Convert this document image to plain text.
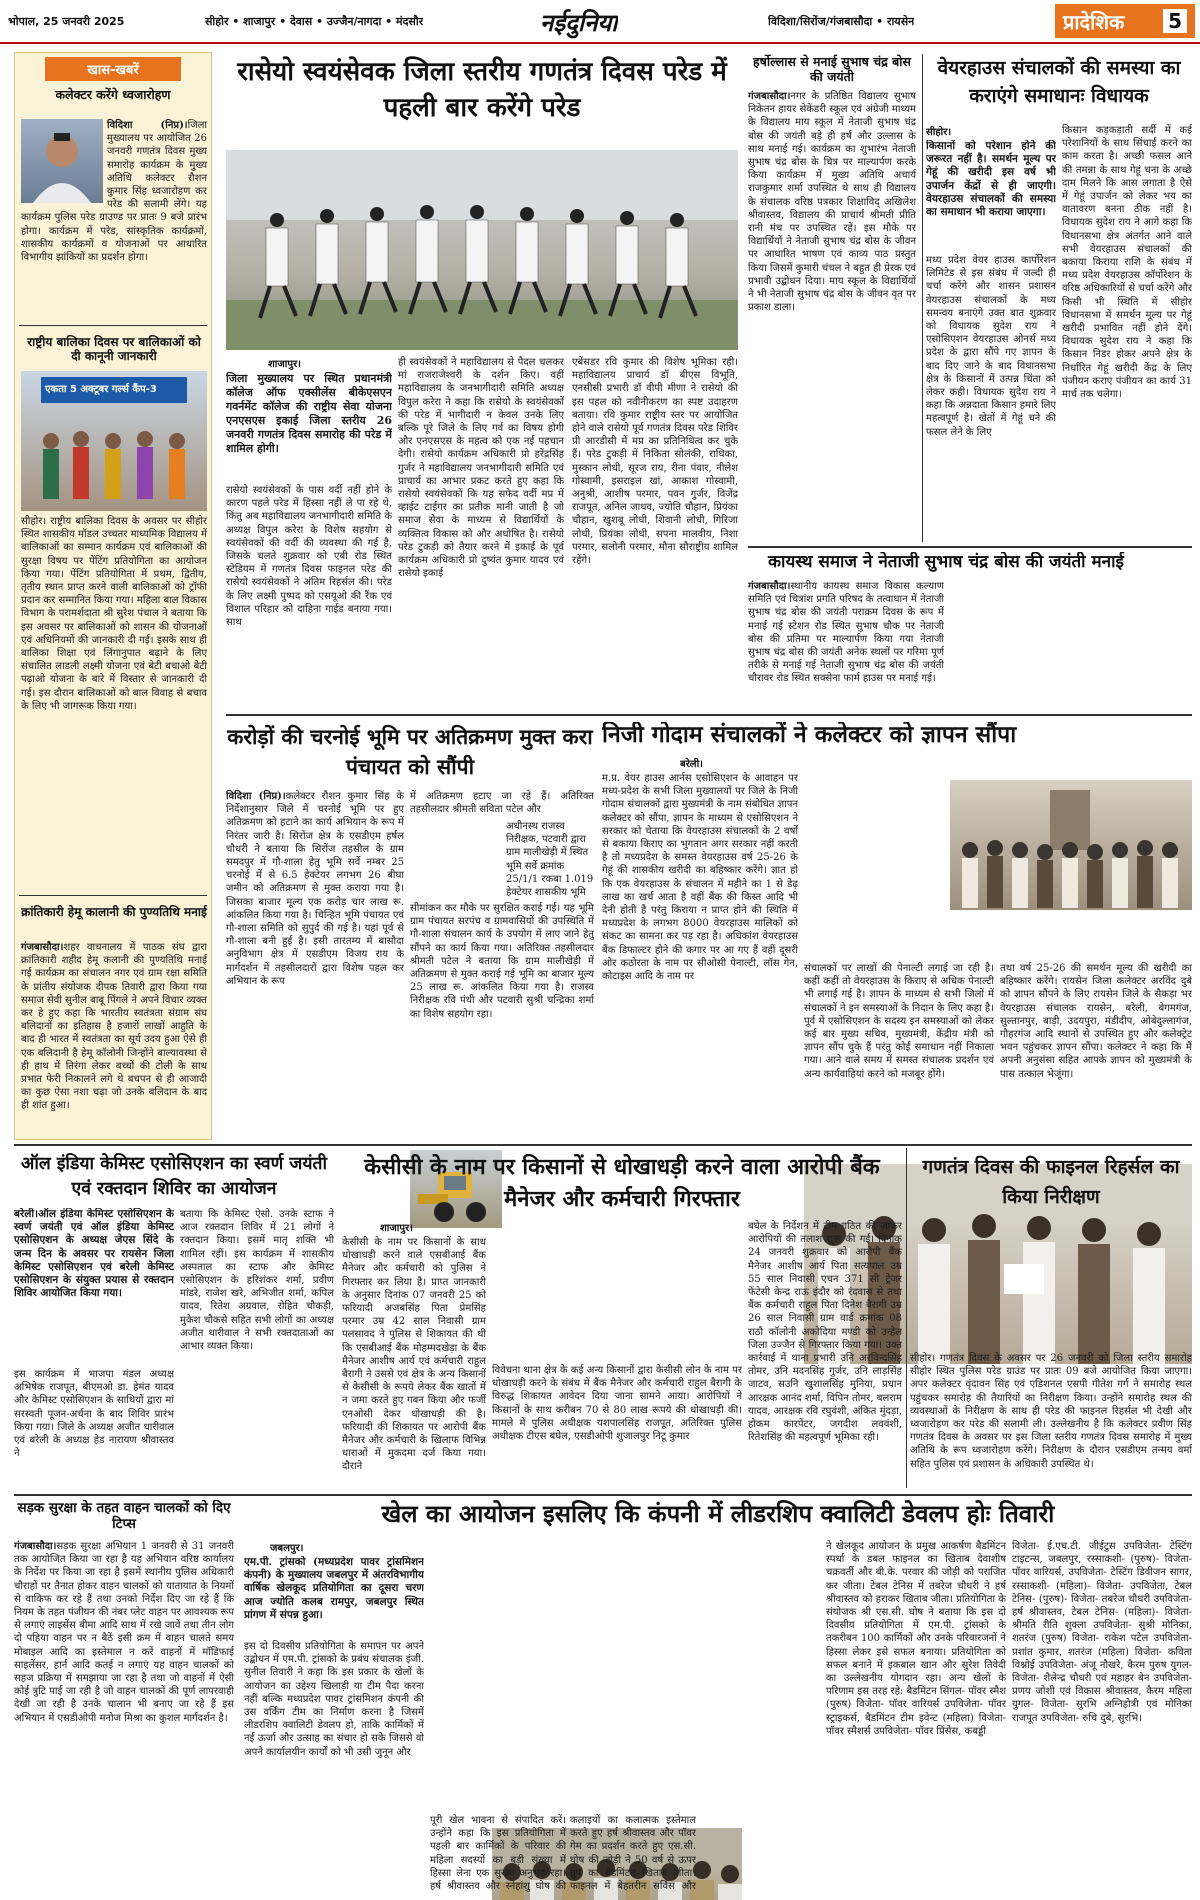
भोपाल, 25 जनवरी 2025	सीहोर • शाजापुर • देवास • उज्जैन/नागदा • मंदसौर	नईदुनिया	विदिशा/सिरोंज/गंजबासौदा • रायसेन	प्रादेशिक 5
खास-खबरें
कलेक्टर करेंगे ध्वजारोहण
विदिशा (निप्र)।जिला मुख्यालय पर आयोजित 26 जनवरी गणतंत्र दिवस मुख्य समारोह कार्यक्रम के मुख्य अतिथि कलेक्टर रौशन कुमार सिंह ध्वजारोहण कर परेड की सलामी लेंगे। यह कार्यक्रम पुलिस परेड ग्राउण्ड पर प्रातः 9 बजे प्रारंभ होगा। कार्यक्रम में परेड, सांस्कृतिक कार्यक्रमों, शासकीय कार्यक्रमों व योजनाओं पर आधारित विभागीय झांकियों का प्रदर्शन होगा।
राष्ट्रीय बालिका दिवस पर बालिकाओं को दी कानूनी जानकारी
एकता 5 अक्टूबर गर्ल्स कैंप-3
सीहोर। राष्ट्रीय बालिका दिवस के अवसर पर सीहोर स्थित शासकीय मॉडल उच्चतर माध्यमिक विद्यालय में बालिकाओं का सम्मान कार्यक्रम एवं बालिकाओं की सुरक्षा विषय पर पेंटिंग प्रतियोगिता का आयोजन किया गया। पेंटिंग प्रतियोगिता में प्रथम, द्वितीय, तृतीय स्थान प्राप्त करने वाली बालिकाओं को ट्रॉफी प्रदान कर सम्मानित किया गया। महिला बाल विकास विभाग के परामर्शदाता श्री सुरेश पंचाल ने बताया कि इस अवसर पर बालिकाओं को शासन की योजनाओं एवं अधिनियमों की जानकारी दी गई। इसके साथ ही बालिका शिक्षा एवं लिंगानुपात बढ़ाने के लिए संचालित लाडली लक्ष्मी योजना एवं बेटी बचाओ बेटी पढ़ाओ योजना के बारे में विस्तार से जानकारी दी गई। इस दौरान बालिकाओं को बाल विवाह से बचाव के लिए भी जागरूक किया गया।
क्रांतिकारी हेमू कालानी की पुण्यतिथि मनाई
गंजबासौदा।शहर वाचनालय में पाठक संघ द्वारा क्रांतिकारी शहीद हेमू कलानी की पुण्यतिथि मनाई गई कार्यक्रम का संचालन नगर एवं ग्राम रक्षा समिति के प्रांतीय संयोजक दीपक तिवारी द्वारा किया गया समाज सेवी सुनील बाबू पिंगले ने अपने विचार व्यक्त कर हे हुए कहा कि भारतीय स्वतंत्रता संग्राम संघ बलिदानों का इतिहास है हजारों लाखों आहुति के बाद ही भारत में स्वतंत्रता का सूर्य उदय हुआ ऐसे ही एक बलिदानी है हेमू कॉलोनी जिन्होंने बाल्यावस्था से ही हाथ में तिरंगा लेकर बच्चों की टोली के साथ प्रभात फेरी निकालने लगे थे बचपन से ही आजादी का कुछ ऐसा नशा चढ़ा जो उनके बलिदान के बाद ही शांत हुआ।
रासेयो स्वयंसेवक जिला स्तरीय गणतंत्र दिवस परेड में पहली बार करेंगे परेड
शाजापुर।
जिला मुख्यालय पर स्थित प्रधानमंत्री कॉलेज ऑफ एक्सीलेंस बीकेएसएन गवर्नमेंट कॉलेज की राष्ट्रीय सेवा योजना एनएसएस इकाई जिला स्तरीय 26 जनवरी गणतंत्र दिवस समारोह की परेड में शामिल होगी।
रासेयो स्वयंसेवकों के पास वर्दी नहीं होने के कारण पहले परेड में हिस्सा नहीं ले पा रहे थे, किंतु अब महाविद्यालय जनभागीदारी समिति के अध्यक्ष विपुल करेरा के विशेष सहयोग से स्वयंसेवकों की वर्दी की व्यवस्था की गई है, जिसके चलते शुक्रवार को एबी रोड स्थित स्टेडियम में गणतंत्र दिवस फाइनल परेड की रासेयो स्वयंसेवकों ने अंतिम रिहर्सल की। परेड के लिए लक्ष्मी पुष्पद को एसयूओ की रैंक एवं विशाल परिहार को दाहिना गाईड बनाया गया। साथ
ही स्वयंसेवकों ने महाविद्यालय से पैदल चलकर मां राजराजेश्वरी के दर्शन किए। वहीं महाविद्यालय के जनभागीदारी समिति अध्यक्ष विपुल करेरा ने कहा कि रासेयो के स्वयंसेवकों की परेड में भागीदारी न केवल उनके लिए बल्कि पूरे जिले के लिए गर्व का विषय होगी और एनएसएस के महत्व को एक नई पहचान देगी। रासेयो कार्यक्रम अधिकारी प्रो हरेंद्रसिंह गुर्जर ने महाविद्यालय जनभागीदारी समिति एवं प्राचार्य का आभार प्रकट करते हुए कहा कि रासेयो स्वयंसेवकों कि यह सफेद वर्दी मप्र में व्हाईट टाईगर का प्रतीक मानी जाती है जो समाज सेवा के माध्यम से विद्यार्थियों के व्यक्तित्व विकास को और अधोषित है। रासेयो परेड टुकड़ी को तैयार करने में इकाई के पूर्व कार्यक्रम अधिकारी प्रो दुष्यंत कुमार यादव एवं रासेयो इकाई
एबेंसडर रवि कुमार की विशेष भूमिका रही। महाविद्यालय प्राचार्य डॉ बीएस विभूति, एनसीसी प्रभारी डॉ वीपी मीणा ने रासेयो की इस पहल को नवीनीकरण का स्पष्ट उदाहरण बताया। रवि कुमार राष्ट्रीय स्तर पर आयोजित होने वाले रासेयो पूर्व गणतंत्र दिवस परेड शिविर प्री आरडीसी में मप्र का प्रतिनिधित्व कर चुके हैं। परेड टुकड़ी में निकिता सोलंकी, राधिका, मुस्कान लोधी, सूरज राय, रीना पंवार, नीलेश गोस्वामी, इसराइल खां, आकाश गोस्वामी, अनुश्री, आशीष परमार, पवन गुर्जर, विजेंद्र राजपूत, अनिल जाधव, ज्योति चौहान, प्रियंका चौहान, खुशबू लोधी, शिवानी लोधी, गिरिजा लोधी, प्रियंका लोधी, सपना मालवीय, निशा परमार, सलोनी परमार, मौना सौराष्ट्रीय शामिल रहेंगे।
हर्षोल्लास से मनाई सुभाष चंद्र बोस की जयंती
गंजबासौदा।नगर के प्रतिष्ठित विद्यालय सुभाष निकेतन हायर सेकेंडरी स्कूल एवं अंग्रेजी माध्यम के विद्यालय माय स्कूल में नेताजी सुभाष चंद्र बोस की जयंती बड़े ही हर्ष और उल्लास के साथ मनाई गई। कार्यक्रम का शुभारंभ नेताजी सुभाष चंद्र बोस के चित्र पर माल्यार्पण करके किया कार्यक्रम में मुख्य अतिथि अचार्य राजकुमार शर्मा उपस्थित थे साथ ही विद्यालय के संचालक वरिष्ठ पत्रकार शिक्षाविद् अखिलेश श्रीवास्तव, विद्यालय की प्राचार्य श्रीमती प्रीति रानी मंच पर उपस्थित रहें। इस मौके पर विद्यार्थियों ने नेताजी सुभाष चंद्र बोस के जीवन पर आधारित भाषण एवं काव्य पाठ प्रस्तुत किया जिसमें कुमारी चंचल ने बहुत ही प्रेरक एवं प्रभावी उद्बोधन दिया। माय स्कूल के विद्यार्थियों ने भी नेताजी सुभाष चंद्र बोस के जीवन वृत पर प्रकाश डाला।
वेयरहाउस संचालकों की समस्या का कराएंगे समाधानः विधायक
सीहोर।
किसानों को परेशान होने की जरूरत नहीं है। समर्थन मूल्य पर गेहूं की खरीदी इस वर्ष भी उपार्जन केंद्रों से ही जाएगी। वेयरहाउस संचालकों की समस्या का समाधान भी कराया जाएगा।
मध्य प्रदेश वेयर हाउस कार्पोरेशन लिमिटेड से इस संबंध में जल्दी ही चर्चा करेंगे और शासन प्रशासन वेयरहाउस संचालकों के मध्य समन्वय बनाएंगे उक्त बात शुक्रवार को विधायक सुदेश राय ने एसोसिएशन वेयरहाउस ओनर्स मध्य प्रदेश के द्वारा सौंपे गए ज्ञापन के बाद दिए जाने के बाद विधानसभा क्षेत्र के किसानों में उत्पन्न चिंता को लेकर कही। विधायक सुदेश राय ने कहा कि अन्नदाता किसान हमारे लिए महत्वपूर्ण है। खेतों में गेहूं चने की फसल लेने के लिए
किसान कड़कड़ाती सर्दी में कई परेशानियों के साथ सिंचाई करने का काम करता है। अच्छी फसल आने की तमन्ना के साथ गेहूं चना के अच्छे दाम मिलने कि आस लगाता है ऐसे में गेहूं उपार्जन को लेकर भय का वातावरण बनना ठीक नहीं है। विधायक सुदेश राय ने आगे कहा कि विधानसभा क्षेत्र अंतर्गत आने वाले सभी वेयरहाउस संचालकों की बकाया किराया राशि के संबंध में मध्य प्रदेश वेयरहाउस कॉर्पोरेशन के वरिष्ठ अधिकारियों से चर्चा करेंगे और किसी भी स्थिति में सीहोर विधानसभा में समर्थन मूल्य पर गेहूं खरीदी प्रभावित नहीं होने देंगे। विधायक सुदेश राय ने कहा कि किसान निडर होकर अपने क्षेत्र के निर्धारित गेहूं खरीदी केंद्र के लिए पंजीयन कराए पंजीयन का कार्य 31 मार्च तक चलेगा।
कायस्थ समाज ने नेताजी सुभाष चंद्र बोस की जयंती मनाई
गंजबासौदा।स्थानीय कायस्थ समाज विकास कल्याण समिति एवं चित्रांश प्रगति परिषद के तत्वाधान में नेताजी सुभाष चंद्र बोस की जयंती पराक्रम दिवस के रूप में मनाई गई स्टेशन रोड स्थित सुभाष चौक पर नेताजी बोस की प्रतिमा पर माल्यार्पण किया गया नेताजी सुभाष चंद्र बोस की जयंती अनेक स्थलों पर गरिमा पूर्ण तरीके से मनाई गई नेताजी सुभाष चंद्र बोस की जयंती चौरावर रोड स्थित सक्सेना फार्म हाउस पर मनाई गई।
करोड़ों की चरनोई भूमि पर अतिक्रमण मुक्त करा पंचायत को सौंपी
विदिशा (निप्र)।कलेक्टर रौशन कुमार सिंह के निर्देशानुसार जिले में चरनोई भूमि पर हुए अतिक्रमण को हटाने का कार्य अभियान के रूप में निरंतर जारी है। सिरोंज क्षेत्र के एसडीएम हर्षल चौधरी ने बताया कि सिरोंज तहसील के ग्राम समदपुर में गौ-शाला हेतु भूमि सर्वे नम्बर 25 चरनोई में से 6.5 हेक्टेयर लगभग 26 बीघा जमीन को अतिक्रमण से मुक्त कराया गया है। जिसका बाजार मूल्य एक करोड़ चार लाख रू. आंकलित किया गया है। चिन्हित भूमि पंचायत एवं गौ-शाला समिति को सुपुर्द की गई है। यहां पूर्व से गौ-शाला बनी हुई है। इसी तारतम्य में बासौदा अनुविभाग क्षेत्र में एसडीएम विजय राय के मार्गदर्शन में तहसीलदारों द्वारा विशेष पहल कर अभियान के रूप
में अतिक्रमण हटाए जा रहे हैं। अतिरिक्त तहसीलदार श्रीमती सविता पटेल और
अधीनस्थ राजस्व निरीक्षक, पटवारी द्वारा ग्राम मालीखेड़ी में स्थित भूमि सर्वे क्रमांक 25/1/1 रकबा 1.019 हेक्टेयर शासकीय भूमि
सीमांकन कर मौके पर सुरक्षित कराई गई। यह भूमि ग्राम पंचायत सरपंच व ग्रामवासियों की उपस्थिति में गौ-शाला संचालन कार्य के उपयोग में लाए जाने हेतु सौंपने का कार्य किया गया। अतिरिक्त तहसीलदार श्रीमती पटेल ने बताया कि ग्राम मालीखेड़ी में अतिक्रमण से मुक्त कराई गई भूमि का बाजार मूल्य 25 लाख रू. आंकलित किया गया है। राजस्व निरीक्षक रवि पंथी और पटवारी सुश्री चन्द्रिका शर्मा का विशेष सहयोग रहा।
निजी गोदाम संचालकों ने कलेक्टर को ज्ञापन सौंपा
बरेली।
म.प्र. वेयर हाउस आर्नस एसोसिएशन के आवाहन पर मध्य-प्रदेश के सभी जिला मुख्यालयों पर जिले के निजी गोदाम संचालकों द्वारा मुख्यमंत्री के नाम संबोधित ज्ञापन कलेक्टर को सौंपा, ज्ञापन के माध्यम से एसोसिएशन ने सरकार को चेताया कि वेयरहाउस संचालकों के 2 वर्षों से बकाया किराए का भुगतान अगर सरकार नहीं करती है तो मध्यप्रदेश के समस्त वेयरहाउस वर्ष 25-26 के गेहूं की शासकीय खरीदी का बहिष्कार करेंगे। ज्ञात हो कि एक वेयरहाउस के संचालन में महीने का 1 से डेढ़ लाख का खर्च आता है वहीं बैंक की किस्त आदि भी देनी होती है परंतु किराया न प्राप्त होने की स्थिति में मध्यप्रदेश के लगभग 8000 वेयरहाउस मालिकों को संकट का सामना कर पड़ रहा है। अधिकांश वेयरहाउस बैंक डिफाल्टर होने की कगार पर आ गए हैं वहीं दूसरी ओर कठोरता के नाम पर सीओसी पेनाल्टी, लॉस गेन, कोटाइस आदि के नाम पर
संचालकों पर लाखों की पेनाल्टी लगाई जा रही है। कहीं कहीं तो वेयरहाउस के किराए से अधिक पेनाल्टी भी लगाई गई है। ज्ञापन के माध्यम से सभी जिलों में संचालकों ने इन समस्याओं के निदान के लिए कहा है। पूर्व में एसोसिएशन के सदस्य इन समस्याओं को लेकर कई बार मुख्य सचिव, मुख्यमंत्री, केंद्रीय मंत्री को ज्ञापन सौंप चुके हैं परंतु कोई समाधान नहीं निकाला गया। आने वाले समय में समस्त संचालक प्रदर्शन एवं अन्य कार्यवाहियां करने को मजबूर होंगे।
तथा वर्ष 25-26 की समर्थन मूल्य की खरीदी का बहिष्कार करेंगे। रायसेन जिला कलेक्टर अरविंद दुबे को ज्ञापन सौंपने के लिए रायसेन जिले के सैकड़ा भर वेयरहाउस संचालक रायसेन, बरेली, बेगमगंज, सुल्तानपुर, बाड़ी, उदयपुरा, मंडीदीप, ओबेदुल्लागंज, गौहरगंज आदि स्थानों से उपस्थित हुए और कलेक्ट्रेट भवन पहुंचकर ज्ञापन सौंपा। कलेक्टर ने कहा कि मैं अपनी अनुसंसा सहित आपके ज्ञापन को मुख्यमंत्री के पास तत्काल भेजूंगा।
ऑल इंडिया केमिस्ट एसोसिएशन का स्वर्ण जयंती एवं रक्तदान शिविर का आयोजन
बरेली।ऑल इंडिया केमिस्ट एसोसिएशन के स्वर्ण जयंती एवं ऑल इंडिया केमिस्ट एसोसिएशन के अध्यक्ष जेएस सिंदे के जन्म दिन के अवसर पर रायसेन जिला केमिस्ट एसोसिएशन एवं बरेली केमिस्ट एसोसिएशन के संयुक्त प्रयास से रक्तदान शिविर आयोजित किया गया।
इस कार्यक्रम में भाजपा मंडल अध्यक्ष अभिषेक राजपूत, बीएमओ डा. हेमंत यादव और केमिस्ट एसोसिएशन के साथियों द्वारा मां सरस्वती पूजन-अर्चना के बाद शिविर प्रारंभ किया गया। जिले के अध्यक्ष अजीत धारीवाल एवं बरेली के अध्यक्ष हेड नारायण श्रीवास्तव ने
बताया कि केमिस्ट ऐसो. उनके स्टाफ ने आज रक्तदान शिविर में 21 लोगों ने रक्तदान किया। इसमें मातृ शक्ति भी शामिल रहीं। इस कार्यक्रम में शासकीय अस्पताल का स्टाफ और केमिस्ट एसोसिएशन के हरिशंकर शर्मा, प्रवीण मांडरे, राजेश खरे, अभिजीत शर्मा, कपिल यादव, रितेश अग्रवाल, रोहित चौकड़ी, मुकेश चौकसे सहित सभी लोगों का अध्यक्ष अजीत धारीवाल ने सभी रक्तदाताओं का आभार व्यक्त किया।
केसीसी के नाम पर किसानों से धोखाधड़ी करने वाला आरोपी बैंक मैनेजर और कर्मचारी गिरफ्तार
शाजापुर।
केसीसी के नाम पर किसानों के साथ धोखाधड़ी करने वाले एसबीआई बैंक मैनेजर और कर्मचारी को पुलिस ने गिरफ्तार कर लिया है। प्राप्त जानकारी के अनुसार दिनांक 07 जनवरी 25 को फरियादी अजबसिंह पिता प्रेमसिंह परमार उम्र 42 साल निवासी ग्राम पलसावद ने पुलिस से शिकायत की थी कि एसबीआई बैंक मोहम्मदखेड़ा के बैंक मैनेजर आशीष आर्य एवं कर्मचारी राहुल बैरागी ने उससे एवं क्षेत्र के अन्य किसानों से केसीसी के रूपये लेकर बैंक खातों में न जमा करते हुए गबन किया और फर्जी एनओसी देकर धोखाधड़ी की है। फरियादी की शिकायत पर आरोपी बैंक मैनेजर और कर्मचारी के खिलाफ विभिन्न धाराओं में मुकदमा दर्ज किया गया। दौराने
विवेचना थाना क्षेत्र के कई अन्य किसानों द्वारा केसीसी लोन के नाम पर धोखाधड़ी करने के संबंध में बैंक मैनेजर और कर्मचारी राहुल बैरागी के विरुद्ध शिकायत आवेदन दिया जाना सामने आया। आरोपियों ने किसानों के साथ करीबन 70 से 80 लाख रूपये की धोखाधड़ी की। मामले में पुलिस अधीक्षक यशपालसिंह राजपूत, अतिरिक्त पुलिस अधीक्षक टीएस बघेल, एसडीओपी शुजालपुर निटू कुमार
बघेल के निर्देशन में टीम गठित की जाकर आरोपियों की तलाश शुरू की गई। दिनांक 24 जनवरी शुक्रवार को आरोपी बैंक मैनेजर आशीष आर्य पिता सत्यपाल उम्र 55 साल निवासी एचन 371 सी ट्रेजर फेंटेसी केन्द्र राऊ इंदौर को रंदवास से तथा बैंक कर्मचारी राहुल पिता दिनेश बैरागी उम्र 26 साल निवासी ग्राम वार्ड क्रमांक 08 राठौ कॉलोनी अकोदिया मण्डी को उन्हेल जिला उज्जैन से गिरफ्तार किया गया। उक्त कार्रवाई में थाना प्रभारी उनि अरविन्दसिंह तोमर, उनि मदनसिंह गुर्जर, उनि लाड़सिंह जाटव, सउनि खुशालसिंह मुनिया, प्रधान आरक्षक आनंद शर्मा, विपिन तोमर, बलराम यादव, आरक्षक रवि रघुवंशी, अंकित मुंदड़ा, होकम कारपेंटर, जगदीश लववंशी, रितेशसिंह की महत्वपूर्ण भूमिका रही।
गणतंत्र दिवस की फाइनल रिहर्सल का किया निरीक्षण
सीहोर। गणतंत्र दिवस के अवसर पर 26 जनवरी को जिला स्तरीय समारोह सीहोर स्थित पुलिस परेड ग्राउंड पर प्रातः 09 बजे आयोजित किया जाएगा। अपर कलेक्टर वृंदावन सिंह एवं एडिशनल एसपी गीतेश गर्ग ने समारोह स्थल पहुंचकर समारोह की तैयारियों का निरीक्षण किया। उन्होंने समारोह स्थल की व्यवस्थाओं के निरीक्षण के साथ ही परेड की फाइनल रिहर्सल भी देखी और ध्वजारोहण कर परेड की सलामी ली। उल्लेखनीय है कि कलेक्टर प्रवीण सिंह गणतंत्र दिवस के अवसर पर इस जिला स्तरीय गणतंत्र दिवस समारोह में मुख्य अतिथि के रूप ध्वजारोहण करेंगे। निरीक्षण के दौरान एसडीएम तन्मय वर्मा सहित पुलिस एवं प्रशासन के अधिकारी उपस्थित थे।
सड़क सुरक्षा के तहत वाहन चालकों को दिए टिप्स
गंजबासौदा।सड़क सुरक्षा अभियान 1 जनवरी से 31 जनवरी तक आयोजित किया जा रहा है यह अभियान वरिष्ठ कार्यालय के निर्देश पर किया जा रहा है इसमें स्थानीय पुलिस अधिकारी चौराहों पर तैनात होकर वाहन चालकों को यातायात के नियमों से वाकिफ कर रहे हैं तथा उनको निर्देश दिए जा रहे हैं कि नियम के तहत पंजीयन की नंबर प्लेट वाहन पर आवश्यक रूप से लगाएं लाइसेंस बीमा आदि साथ में रखे जावें तथा तीन लोग दो पहिया वाहन पर न बैठें इसी क्रम में वाहन चालते समय मोबाइल आदि का इस्तेमाल न करें वाहनों में मॉडिफाई साइलेंसर, हार्न आदि कतई न लगाएं यह वाहन चालकों को सहज प्रक्रिया में समझाया जा रहा है तथा जो वाहनों में ऐसी कोई त्रुटि पाई जा रही है जो वाहन चालकों की पूर्ण लापरवाही देखी जा रही है उनके चालान भी बनाए जा रहे हैं इस अभियान में एसडीओपी मनोज मिश्रा का कुशल मार्गदर्शन है।
खेल का आयोजन इसलिए कि कंपनी में लीडरशिप क्वालिटी डेवलप होः तिवारी
जबलपुर।
एम.पी. ट्रांसको (मध्यप्रदेश पावर ट्रांसमिशन कंपनी) के मुख्यालय जबलपुर में अंतरविभागीय वार्षिक खेलकूद प्रतियोगिता का दूसरा चरण आज ज्योति कलब रामपुर, जबलपुर स्थित प्रांगण में संपन्न हुआ।
इस दो दिवसीय प्रतियोगिता के समापन पर अपने उद्बोधन में एम.पी. ट्रांसको के प्रबंध संचालक इंजी. सुनील तिवारी ने कहा कि इस प्रकार के खेलों के आयोजन का उद्देश्य खिलाड़ी या टीम पैदा करना नहीं बल्कि मध्यप्रदेश पावर ट्रांसमिशन कंपनी की उस वर्किंग टीम का निर्माण करना है जिसमें लीडरशिप क्वालिटी डेवलप हो, ताकि कार्मिकों में नई ऊर्जा और उत्साह का संचार हो सके जिससे वो अपने कार्यालयीन कार्यों को भी उसी जुनून और
पूरी खेल भावना से संपादित करें। उन्होंने कहा कि इस प्रतियोगिता में पहली बार कार्मिकों के परिवार की महिला सदस्यों का बड़ी संख्या में हिस्सा लेना एक सुखद अनुभव रहा। हर्ष श्रीवास्तव और स्नेहांशु घोष की
कलाइयों का कलात्मक इस्तेमाल करते हुए हर्ष श्रीवास्तव और पॉवर गेम का प्रदर्शन करते हुए एस.सी. घोष की जोड़ी ने 50 वर्ष से ऊपर ग्रुप का बैडमिंटन खिताब जीता। फाइनल में बेहतरीन सर्विस और
ने खेलकूद आयोजन के प्रमुख आकर्षण बैडमिंटन स्पर्धा के डबल फाइनल का खिताब देवाशीष चक्रवर्ती और बी.के. परवार की जोड़ी को पराजित कर जीता। टेबल टेनिस में तबरेज चौधरी ने हर्ष श्रीवास्तव को हराकर खिताब जीता। प्रतियोगिता के संयोजक श्री एस.सी. घोष ने बताया कि इस दो दिवसीय प्रतियोगिता में एम.पी. ट्रांसको के तकरीबन 100 कार्मिकों और उनके परिवारजनों ने हिस्सा लेकर इसे सफल बनाया। प्रतियोगिता को सफल बनाने में इकबाल खान और सुरेश तिवेदी का उल्लेखनीय योगदान रहा। अन्य खेलों के परिणाम इस तरह रहे: बैडमिंटन सिंगल- पॉवर स्मैश (पुरुष) विजेता- पॉवर वारियर्स उपविजेता- पॉवर स्ट्राइकर्स, बैडमिंटन टीम इवेन्ट (महिला) विजेता- पॉवर स्मैशर्स उपविजेता- पॉवर प्रिंसेस, कबड्डी
विजेता- ई.एच.टी. जीईटुस उपविजेता- टेस्टिंग टाइटन्स, जबलपुर, रस्साकशी- (पुरुष)- विजेता- पॉवर वारियर्स, उपविजेता- टेस्टिंग डिवीजन सागर, रस्साकशी- (महिला)- विजेता- उपविजेता, टेबल टेनिस- (पुरुष)- विजेता- तबरेज चौधरी उपविजेता- हर्ष श्रीवास्तव, टेबल टेनिस- (महिला)- विजेता- श्रीमति रीति शुक्ला उपविजेता- सुश्री मोनिका, शतरंज (पुरुष) विजेता- राकेश पटेल उपविजेता- प्रशांत कुमार, शतरंज (महिला) विजेता- कविता विश्नोई उपविजेता- अंजू नौखरे, कैरम पुरुष युगल- विजेता- शैलेन्द्र चौधरी एवं महाहर बेन उपविजेता- प्रणय जोशी एवं विकास श्रीवास्तव, कैरम महिला युगल- विजेता- सुरभि अग्निहोत्री एवं मोनिका राजपूत उपविजेता- रुचि दुबे, सुरभि।
